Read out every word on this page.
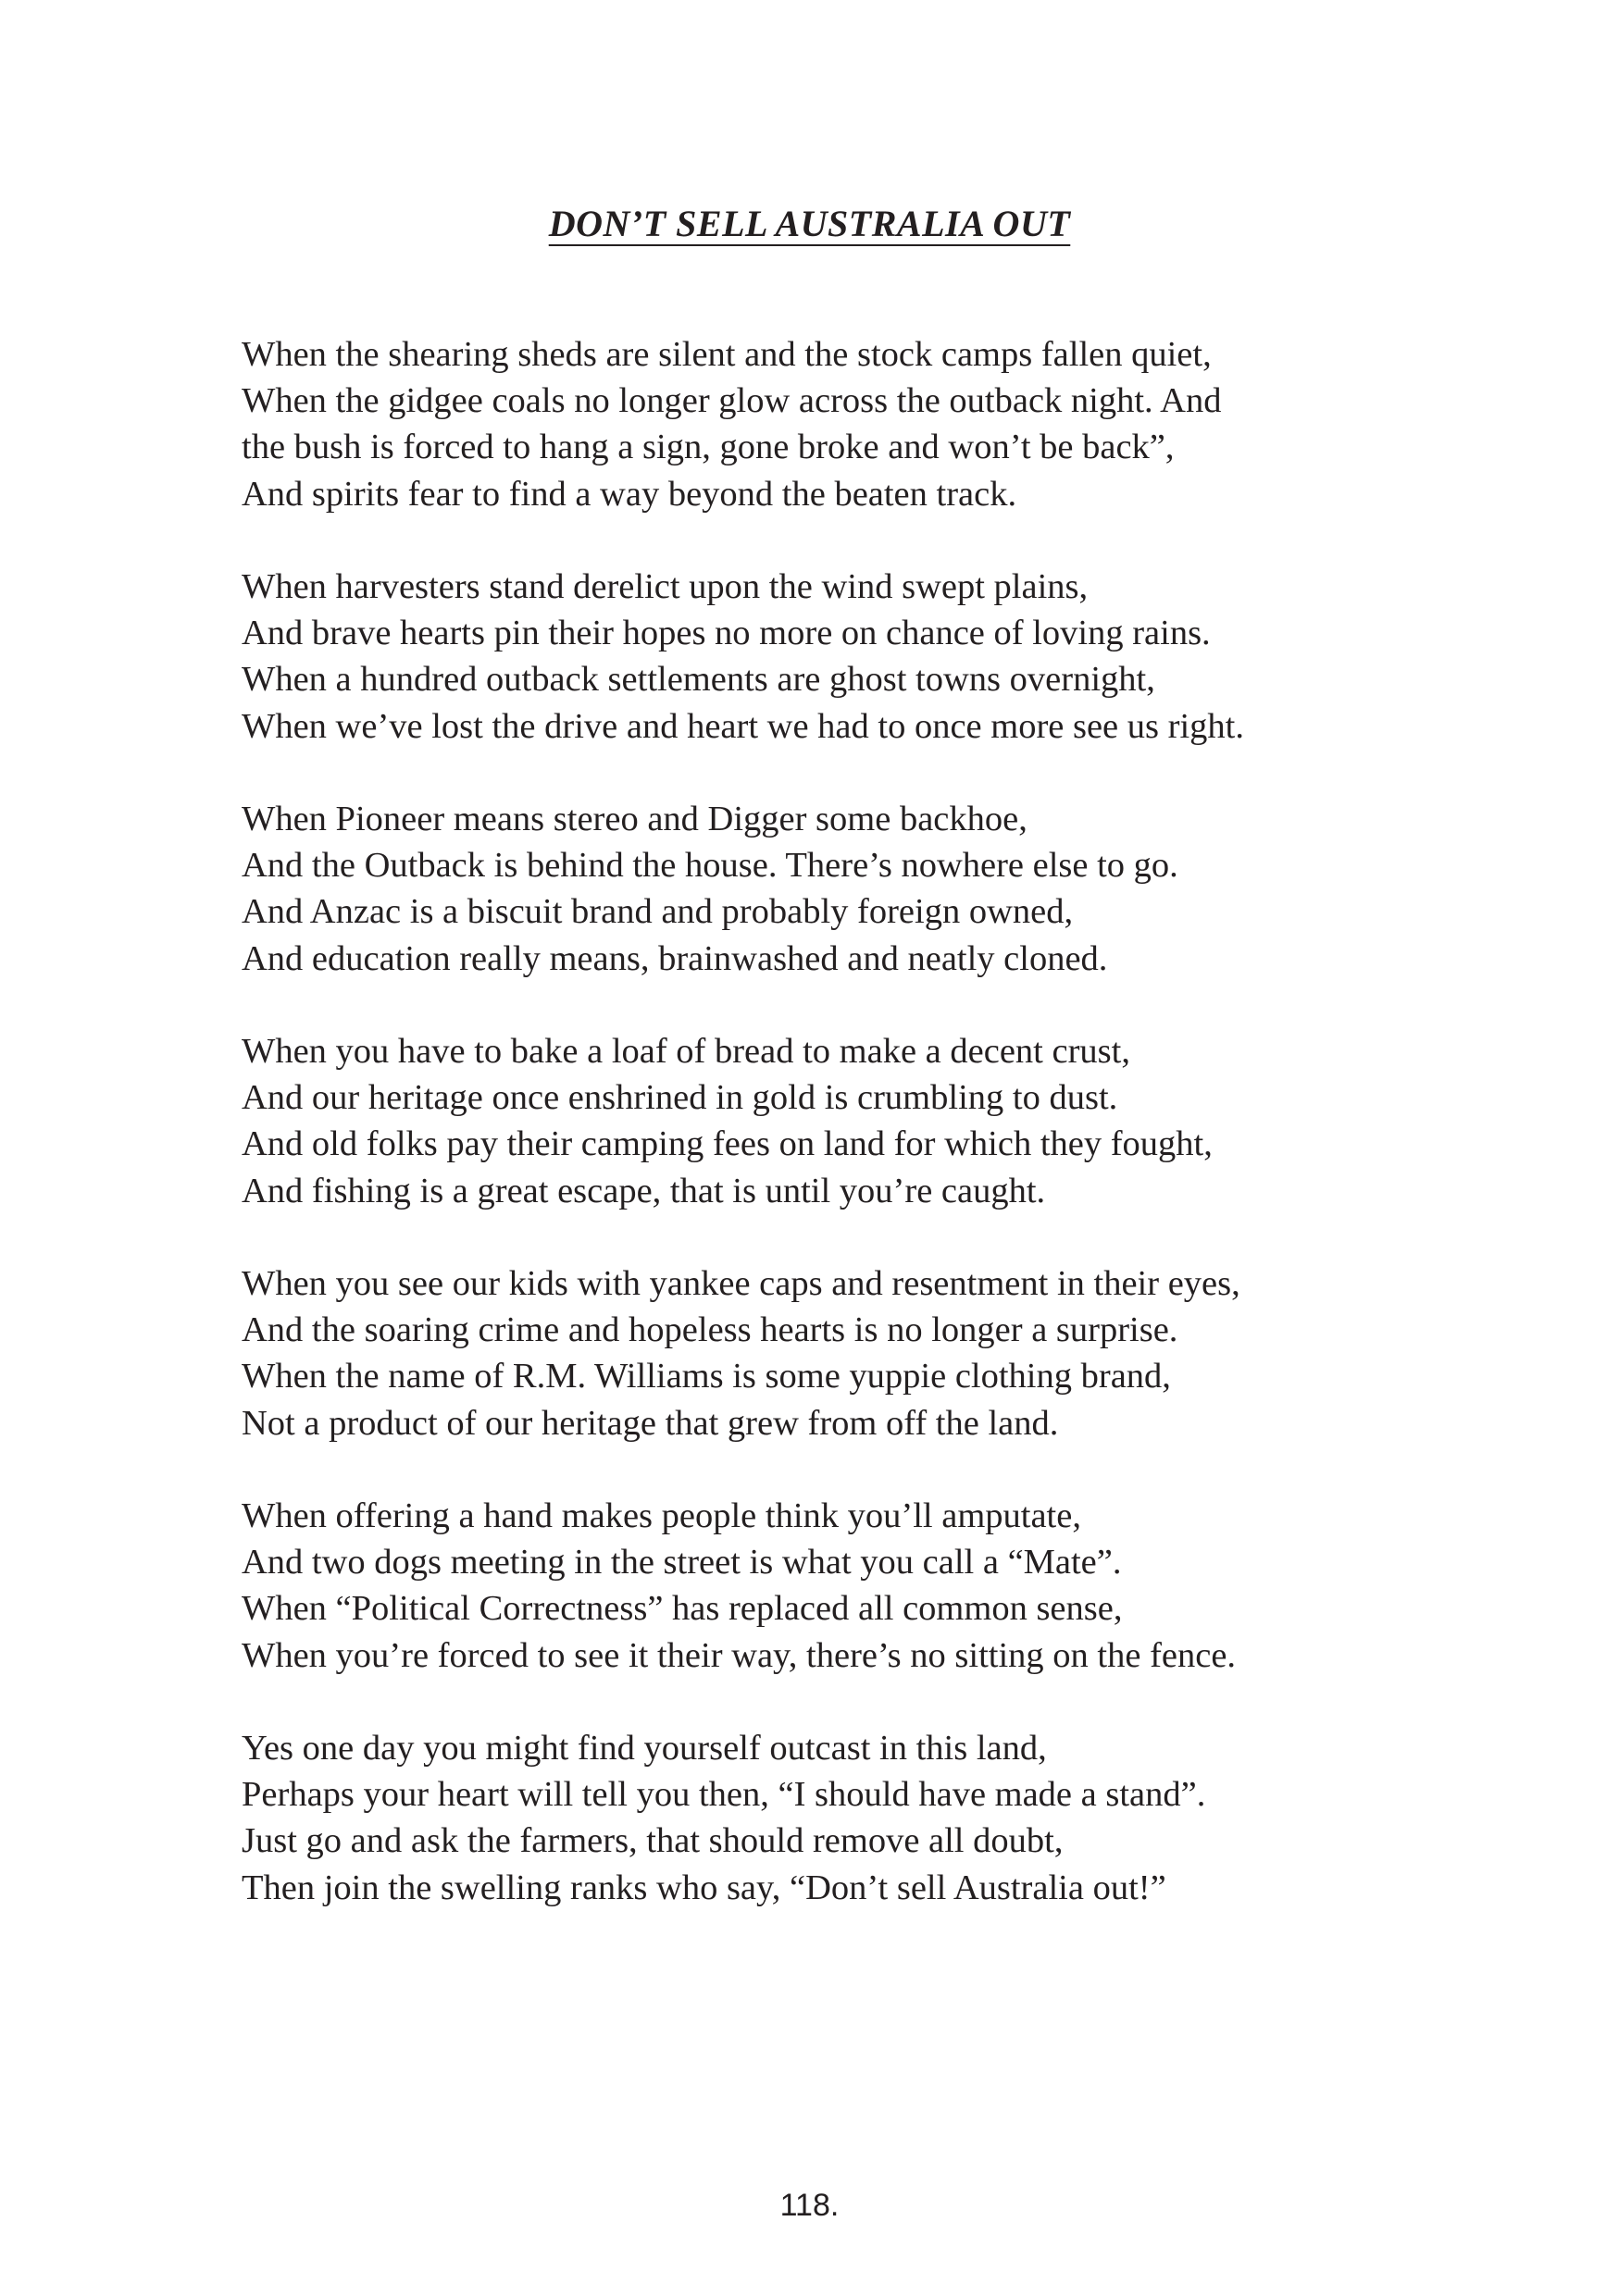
DON’T SELL AUSTRALIA OUT
When the shearing sheds are silent and the stock camps fallen quiet,
When the gidgee coals no longer glow across the outback night. And
the bush is forced to hang a sign, gone broke and won’t be back”,
And spirits fear to find a way beyond the beaten track.
When harvesters stand derelict upon the wind swept plains,
And brave hearts pin their hopes no more on chance of loving rains.
When a hundred outback settlements are ghost towns overnight,
When we’ve lost the drive and heart we had to once more see us right.
When Pioneer means stereo and Digger some backhoe,
And the Outback is behind the house. There’s nowhere else to go.
And Anzac is a biscuit brand and probably foreign owned,
And education really means, brainwashed and neatly cloned.
When you have to bake a loaf of bread to make a decent crust,
And our heritage once enshrined in gold is crumbling to dust.
And old folks pay their camping fees on land for which they fought,
And fishing is a great escape, that is until you’re caught.
When you see our kids with yankee caps and resentment in their eyes,
And the soaring crime and hopeless hearts is no longer a surprise.
When the name of R.M. Williams is some yuppie clothing brand,
Not a product of our heritage that grew from off the land.
When offering a hand makes people think you’ll amputate,
And two dogs meeting in the street is what you call a “Mate”.
When “Political Correctness” has replaced all common sense,
When you’re forced to see it their way, there’s no sitting on the fence.
Yes one day you might find yourself outcast in this land,
Perhaps your heart will tell you then, “I should have made a stand”.
Just go and ask the farmers, that should remove all doubt,
Then join the swelling ranks who say, “Don’t sell Australia out!”
118.
